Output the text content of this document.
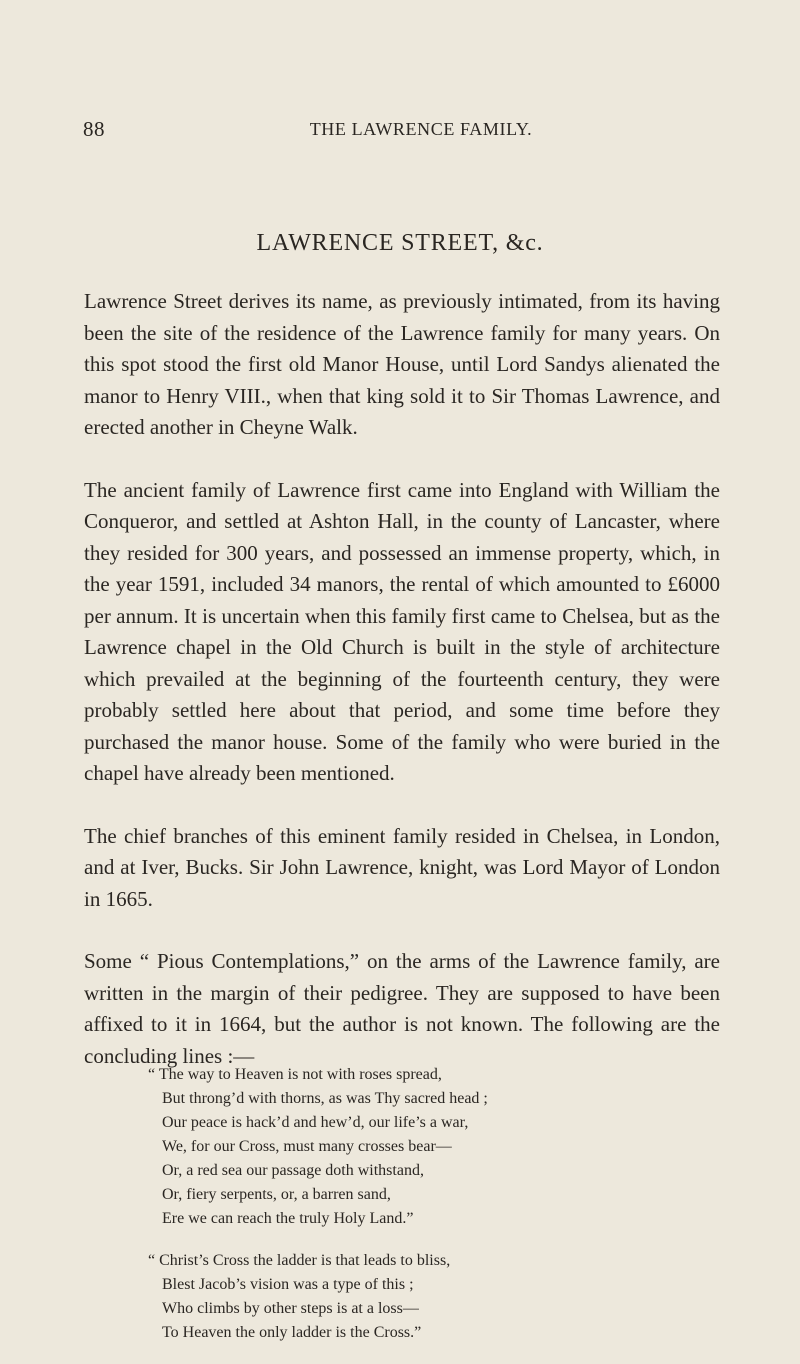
88	THE LAWRENCE FAMILY.
LAWRENCE STREET, &c.

Lawrence Street derives its name, as previously intimated, from its having been the site of the residence of the Lawrence family for many years. On this spot stood the first old Manor House, until Lord Sandys alienated the manor to Henry VIII., when that king sold it to Sir Thomas Lawrence, and erected another in Cheyne Walk.

The ancient family of Lawrence first came into England with William the Conqueror, and settled at Ashton Hall, in the county of Lancaster, where they resided for 300 years, and possessed an immense property, which, in the year 1591, included 34 manors, the rental of which amounted to £6000 per annum. It is uncertain when this family first came to Chelsea, but as the Lawrence chapel in the Old Church is built in the style of architecture which prevailed at the beginning of the fourteenth century, they were probably settled here about that period, and some time before they purchased the manor house. Some of the family who were buried in the chapel have already been mentioned.

The chief branches of this eminent family resided in Chelsea, in London, and at Iver, Bucks. Sir John Lawrence, knight, was Lord Mayor of London in 1665.

Some “ Pious Contemplations,” on the arms of the Lawrence family, are written in the margin of their pedigree. They are supposed to have been affixed to it in 1664, but the author is not known. The following are the concluding lines :—

“ The way to Heaven is not with roses spread,
But throng’d with thorns, as was Thy sacred head ;
Our peace is hack’d and hew’d, our life’s a war,
We, for our Cross, must many crosses bear—
Or, a red sea our passage doth withstand,
Or, fiery serpents, or, a barren sand,
Ere we can reach the truly Holy Land.”
“ Christ’s Cross the ladder is that leads to bliss,
Blest Jacob’s vision was a type of this ;
Who climbs by other steps is at a loss—
To Heaven the only ladder is the Cross.”
